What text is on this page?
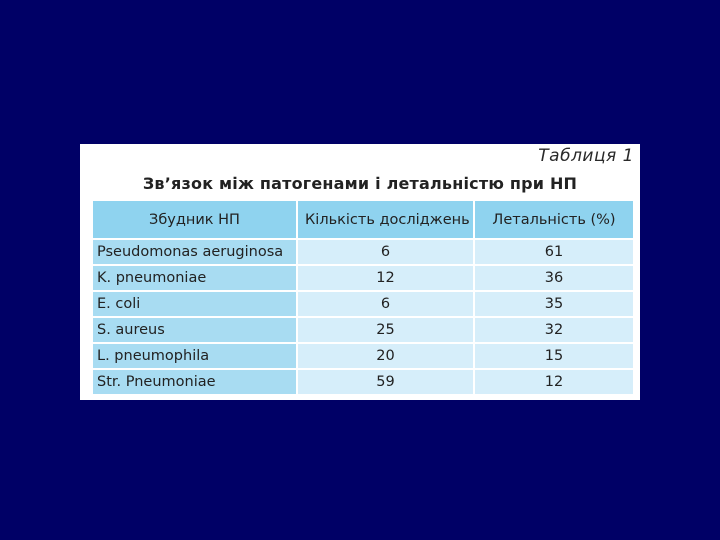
Таблиця 1
Зв’язок між патогенами і летальністю при НП
Збудник НП	Кількість досліджень	Летальність (%)
Pseudomonas aeruginosa	6	61
K. pneumoniae	12	36
E. coli	6	35
S. aureus	25	32
L. pneumophila	20	15
Str. Pneumoniae	59	12
